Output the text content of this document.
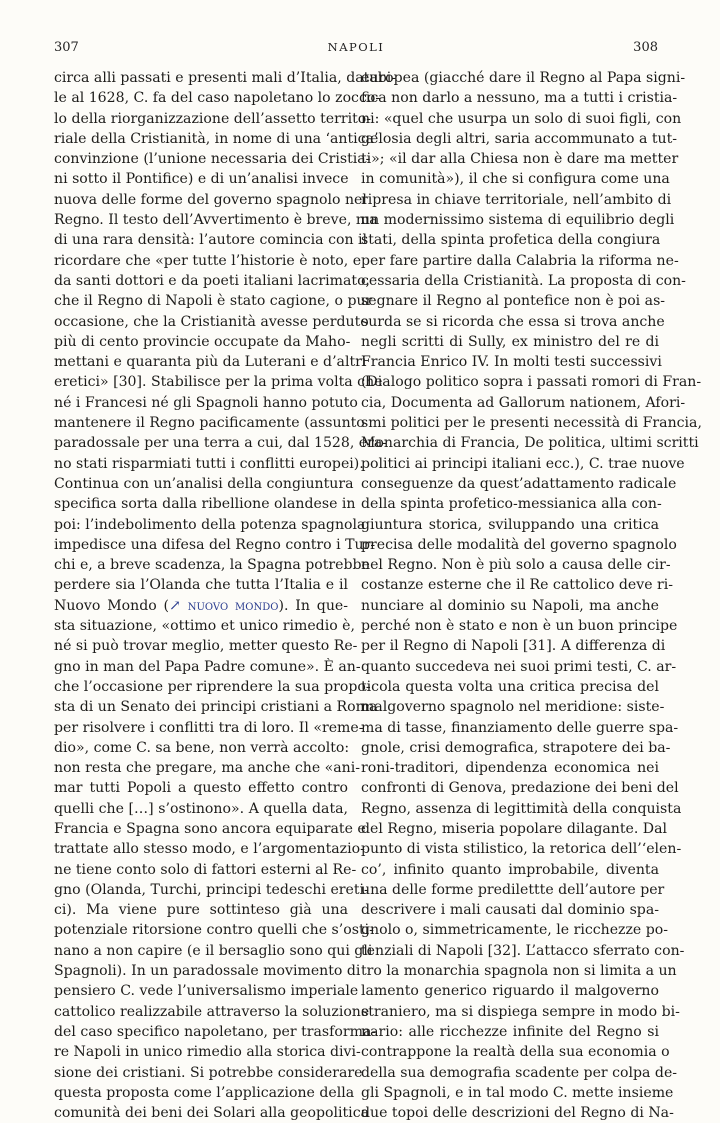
307	NAPOLI	308
circa alli passati e presenti mali d’Italia, databi-
le al 1628, C. fa del caso napoletano lo zocco-
lo della riorganizzazione dell’assetto territo-
riale della Cristianità, in nome di una ‘antica’
convinzione (l’unione necessaria dei Cristia-
ni sotto il Pontifice) e di un’analisi invece
nuova delle forme del governo spagnolo nel
Regno. Il testo dell’Avvertimento è breve, ma
di una rara densità: l’autore comincia con il
ricordare che «per tutte l’historie è noto, e
da santi dottori e da poeti italiani lacrimato,
che il Regno di Napoli è stato cagione, o pur
occasione, che la Cristianità avesse perduto
più di cento provincie occupate da Maho-
mettani e quaranta più da Luterani e d’altri
eretici» [30]. Stabilisce per la prima volta che
né i Francesi né gli Spagnoli hanno potuto
mantenere il Regno pacificamente (assunto
paradossale per una terra a cui, dal 1528, era-
no stati risparmiati tutti i conflitti europei).
Continua con un’analisi della congiuntura
specifica sorta dalla ribellione olandese in
poi: l’indebolimento della potenza spagnola
impedisce una difesa del Regno contro i Tur-
chi e, a breve scadenza, la Spagna potrebbe
perdere sia l’Olanda che tutta l’Italia e il
Nuovo Mondo (↗ nuovo mondo). In que-
sta situazione, «ottimo et unico rimedio è,
né si può trovar meglio, metter questo Re-
gno in man del Papa Padre comune». È an-
che l’occasione per riprendere la sua propo-
sta di un Senato dei principi cristiani a Roma
per risolvere i conflitti tra di loro. Il «reme-
dio», come C. sa bene, non verrà accolto:
non resta che pregare, ma anche che «ani-
mar tutti Popoli a questo effetto contro
quelli che […] s’ostinono». A quella data,
Francia e Spagna sono ancora equiparate e
trattate allo stesso modo, e l’argomentazio-
ne tiene conto solo di fattori esterni al Re-
gno (Olanda, Turchi, principi tedeschi ereti-
ci). Ma viene pure sottinteso già una
potenziale ritorsione contro quelli che s’osti-
nano a non capire (e il bersaglio sono qui gli
Spagnoli). In un paradossale movimento di
pensiero C. vede l’universalismo imperiale
cattolico realizzabile attraverso la soluzione
del caso specifico napoletano, per trasforma-
re Napoli in unico rimedio alla storica divi-
sione dei cristiani. Si potrebbe considerare
questa proposta come l’applicazione della
comunità dei beni dei Solari alla geopolitica
europea (giacché dare il Regno al Papa signi-
fica non darlo a nessuno, ma a tutti i cristia-
ni: «quel che usurpa un solo di suoi figli, con
gelosia degli altri, saria accommunato a tut-
ti»; «il dar alla Chiesa non è dare ma metter
in comunità»), il che si configura come una
ripresa in chiave territoriale, nell’ambito di
un modernissimo sistema di equilibrio degli
stati, della spinta profetica della congiura
per fare partire dalla Calabria la riforma ne-
cessaria della Cristianità. La proposta di con-
segnare il Regno al pontefice non è poi as-
surda se si ricorda che essa si trova anche
negli scritti di Sully, ex ministro del re di
Francia Enrico IV. In molti testi successivi
(Dialogo politico sopra i passati romori di Fran-
cia, Documenta ad Gallorum nationem, Afori-
smi politici per le presenti necessità di Francia,
Monarchia di Francia, De politica, ultimi scritti
politici ai principi italiani ecc.), C. trae nuove
conseguenze da quest’adattamento radicale
della spinta profetico-messianica alla con-
giuntura storica, sviluppando una critica
precisa delle modalità del governo spagnolo
nel Regno. Non è più solo a causa delle cir-
costanze esterne che il Re cattolico deve ri-
nunciare al dominio su Napoli, ma anche
perché non è stato e non è un buon principe
per il Regno di Napoli [31]. A differenza di
quanto succedeva nei suoi primi testi, C. ar-
ticola questa volta una critica precisa del
malgoverno spagnolo nel meridione: siste-
ma di tasse, finanziamento delle guerre spa-
gnole, crisi demografica, strapotere dei ba-
roni-traditori, dipendenza economica nei
confronti di Genova, predazione dei beni del
Regno, assenza di legittimità della conquista
del Regno, miseria popolare dilagante. Dal
punto di vista stilistico, la retorica dell’‘elen-
co’, infinito quanto improbabile, diventa
una delle forme predilettte dell’autore per
descrivere i mali causati dal dominio spa-
gnolo o, simmetricamente, le ricchezze po-
tenziali di Napoli [32]. L’attacco sferrato con-
tro la monarchia spagnola non si limita a un
lamento generico riguardo il malgoverno
straniero, ma si dispiega sempre in modo bi-
nario: alle ricchezze infinite del Regno si
contrappone la realtà della sua economia o
della sua demografia scadente per colpa de-
gli Spagnoli, e in tal modo C. mette insieme
due topoi delle descrizioni del Regno di Na-
